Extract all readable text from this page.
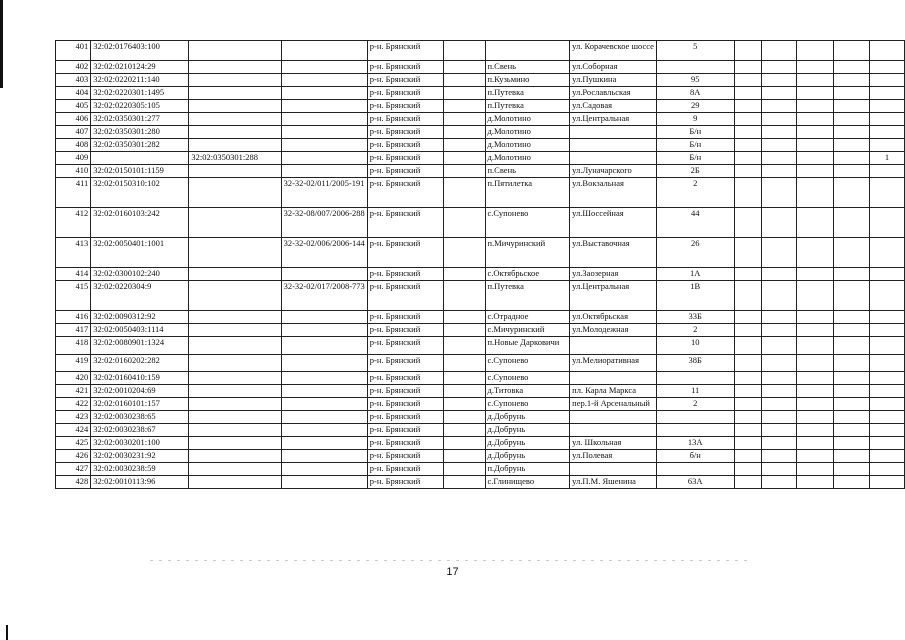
401	32:02:0176403:100			р-н. Брянский			ул. Корачевское шоссе	5					
402	32:02:0210124:29			р-н. Брянский		п.Свень	ул.Соборная						
403	32:02:0220211:140			р-н. Брянский		п.Кузьмино	ул.Пушкина	95					
404	32:02:0220301:1495			р-н. Брянский		п.Путевка	ул.Рославльская	8А					
405	32:02:0220305:105			р-н. Брянский		п.Путевка	ул.Садовая	29					
406	32:02:0350301:277			р-н. Брянский		д.Молотино	ул.Центральная	9					
407	32:02:0350301:280			р-н. Брянский		д.Молотино		Б/н					
408	32:02:0350301:282			р-н. Брянский		д.Молотино		Б/н					
409		32:02:0350301:288		р-н. Брянский		д.Молотино		Б/н					1
410	32:02:0150101:1159			р-н. Брянский		п.Свень	ул.Луначарского	2Б					
411	32:02:0150310:102		32-32-02/011/2005-191	р-н. Брянский		п.Пятилетка	ул.Вокзальная	2					
412	32:02:0160103:242		32-32-08/007/2006-288	р-н. Брянский		с.Супонево	ул.Шоссейная	44					
413	32:02:0050401:1001		32-32-02/006/2006-144	р-н. Брянский		п.Мичуринский	ул.Выставочная	26					
414	32:02:0300102:240			р-н. Брянский		с.Октябрьское	ул.Заозерная	1А					
415	32:02:0220304:9		32-32-02/017/2008-773	р-н. Брянский		п.Путевка	ул.Центральная	1В					
416	32:02:0090312:92			р-н. Брянский		с.Отрадное	ул.Октябрьская	33Б					
417	32:02:0050403:1114			р-н. Брянский		с.Мичуринский	ул.Молодежная	2					
418	32:02:0080901:1324			р-н. Брянский		п.Новые Дарковичи		10					
419	32:02:0160202:282			р-н. Брянский		с.Супонево	ул.Мелиоративная	38Б					
420	32:02:0160410:159			р-н. Брянский		с.Супонево							
421	32:02:0010204:69			р-н. Брянский		д.Титовка	пл. Карла Маркса	11					
422	32:02:0160101:157			р-н. Брянский		с.Супонево	пер.1-й Арсенальный	2					
423	32:02:0030238:65			р-н. Брянский		д.Добрунь							
424	32:02:0030238:67			р-н. Брянский		д.Добрунь							
425	32:02:0030201:100			р-н. Брянский		д.Добрунь	ул. Школьная	13А					
426	32:02:0030231:92			р-н. Брянский		д.Добрунь	ул.Полевая	б/н					
427	32:02:0030238:59			р-н. Брянский		п.Добрунь							
428	32:02:0010113:96			р-н. Брянский		с.Глинищево	ул.П.М. Яшенина	63А					
17
